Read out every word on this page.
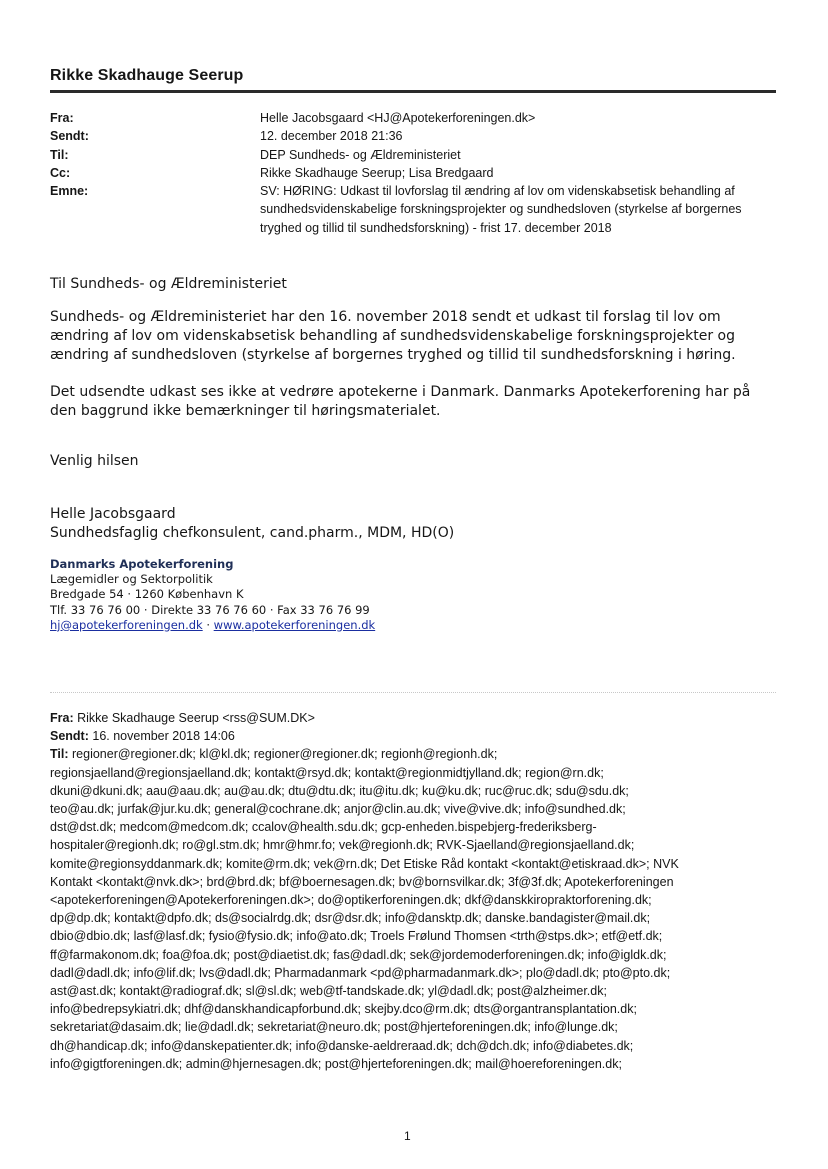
Rikke Skadhauge Seerup
Fra:	Helle Jacobsgaard <HJ@Apotekerforeningen.dk>
Sendt:	12. december 2018 21:36
Til:	DEP Sundheds- og Ældreministeriet
Cc:	Rikke Skadhauge Seerup; Lisa Bredgaard
Emne:	SV: HØRING: Udkast til lovforslag til ændring af lov om videnskabsetisk behandling af sundhedsvidenskabelige forskningsprojekter og sundhedsloven (styrkelse af borgernes tryghed og tillid til sundhedsforskning) - frist 17. december 2018

Til Sundheds- og Ældreministeriet

Sundheds- og Ældreministeriet har den 16. november 2018 sendt et udkast til forslag til lov om ændring af lov om videnskabsetisk behandling af sundhedsvidenskabelige forskningsprojekter og ændring af sundhedsloven (styrkelse af borgernes tryghed og tillid til sundhedsforskning i høring.

Det udsendte udkast ses ikke at vedrøre apotekerne i Danmark. Danmarks Apotekerforening har på den baggrund ikke bemærkninger til høringsmaterialet.

Venlig hilsen

Helle Jacobsgaard
Sundhedsfaglig chefkonsulent, cand.pharm., MDM, HD(O)
Danmarks Apotekerforening
Lægemidler og Sektorpolitik
Bredgade 54 · 1260 København K
Tlf. 33 76 76 00 · Direkte 33 76 76 60 · Fax 33 76 76 99
hj@apotekerforeningen.dk · www.apotekerforeningen.dk
Fra: Rikke Skadhauge Seerup <rss@SUM.DK>
Sendt: 16. november 2018 14:06
Til: regioner@regioner.dk; kl@kl.dk; regioner@regioner.dk; regionh@regionh.dk;
regionsjaelland@regionsjaelland.dk; kontakt@rsyd.dk; kontakt@regionmidtjylland.dk; region@rn.dk;
dkuni@dkuni.dk; aau@aau.dk; au@au.dk; dtu@dtu.dk; itu@itu.dk; ku@ku.dk; ruc@ruc.dk; sdu@sdu.dk;
teo@au.dk; jurfak@jur.ku.dk; general@cochrane.dk; anjor@clin.au.dk; vive@vive.dk; info@sundhed.dk;
dst@dst.dk; medcom@medcom.dk; ccalov@health.sdu.dk; gcp-enheden.bispebjerg-frederiksberg-
hospitaler@regionh.dk; ro@gl.stm.dk; hmr@hmr.fo; vek@regionh.dk; RVK-Sjaelland@regionsjaelland.dk;
komite@regionsyddanmark.dk; komite@rm.dk; vek@rn.dk; Det Etiske Råd kontakt <kontakt@etiskraad.dk>; NVK
Kontakt <kontakt@nvk.dk>; brd@brd.dk; bf@boernesagen.dk; bv@bornsvilkar.dk; 3f@3f.dk; Apotekerforeningen
<apotekerforeningen@Apotekerforeningen.dk>; do@optikerforeningen.dk; dkf@danskkiropraktorforening.dk;
dp@dp.dk; kontakt@dpfo.dk; ds@socialrdg.dk; dsr@dsr.dk; info@dansktp.dk; danske.bandagister@mail.dk;
dbio@dbio.dk; lasf@lasf.dk; fysio@fysio.dk; info@ato.dk; Troels Frølund Thomsen <trth@stps.dk>; etf@etf.dk;
ff@farmakonom.dk; foa@foa.dk; post@diaetist.dk; fas@dadl.dk; sek@jordemoderforeningen.dk; info@igldk.dk;
dadl@dadl.dk; info@lif.dk; lvs@dadl.dk; Pharmadanmark <pd@pharmadanmark.dk>; plo@dadl.dk; pto@pto.dk;
ast@ast.dk; kontakt@radiograf.dk; sl@sl.dk; web@tf-tandskade.dk; yl@dadl.dk; post@alzheimer.dk;
info@bedrepsykiatri.dk; dhf@danskhandicapforbund.dk; skejby.dco@rm.dk; dts@organtransplantation.dk;
sekretariat@dasaim.dk; lie@dadl.dk; sekretariat@neuro.dk; post@hjerteforeningen.dk; info@lunge.dk;
dh@handicap.dk; info@danskepatienter.dk; info@danske-aeldreraad.dk; dch@dch.dk; info@diabetes.dk;
info@gigtforeningen.dk; admin@hjernesagen.dk; post@hjerteforeningen.dk; mail@hoereforeningen.dk;
1
